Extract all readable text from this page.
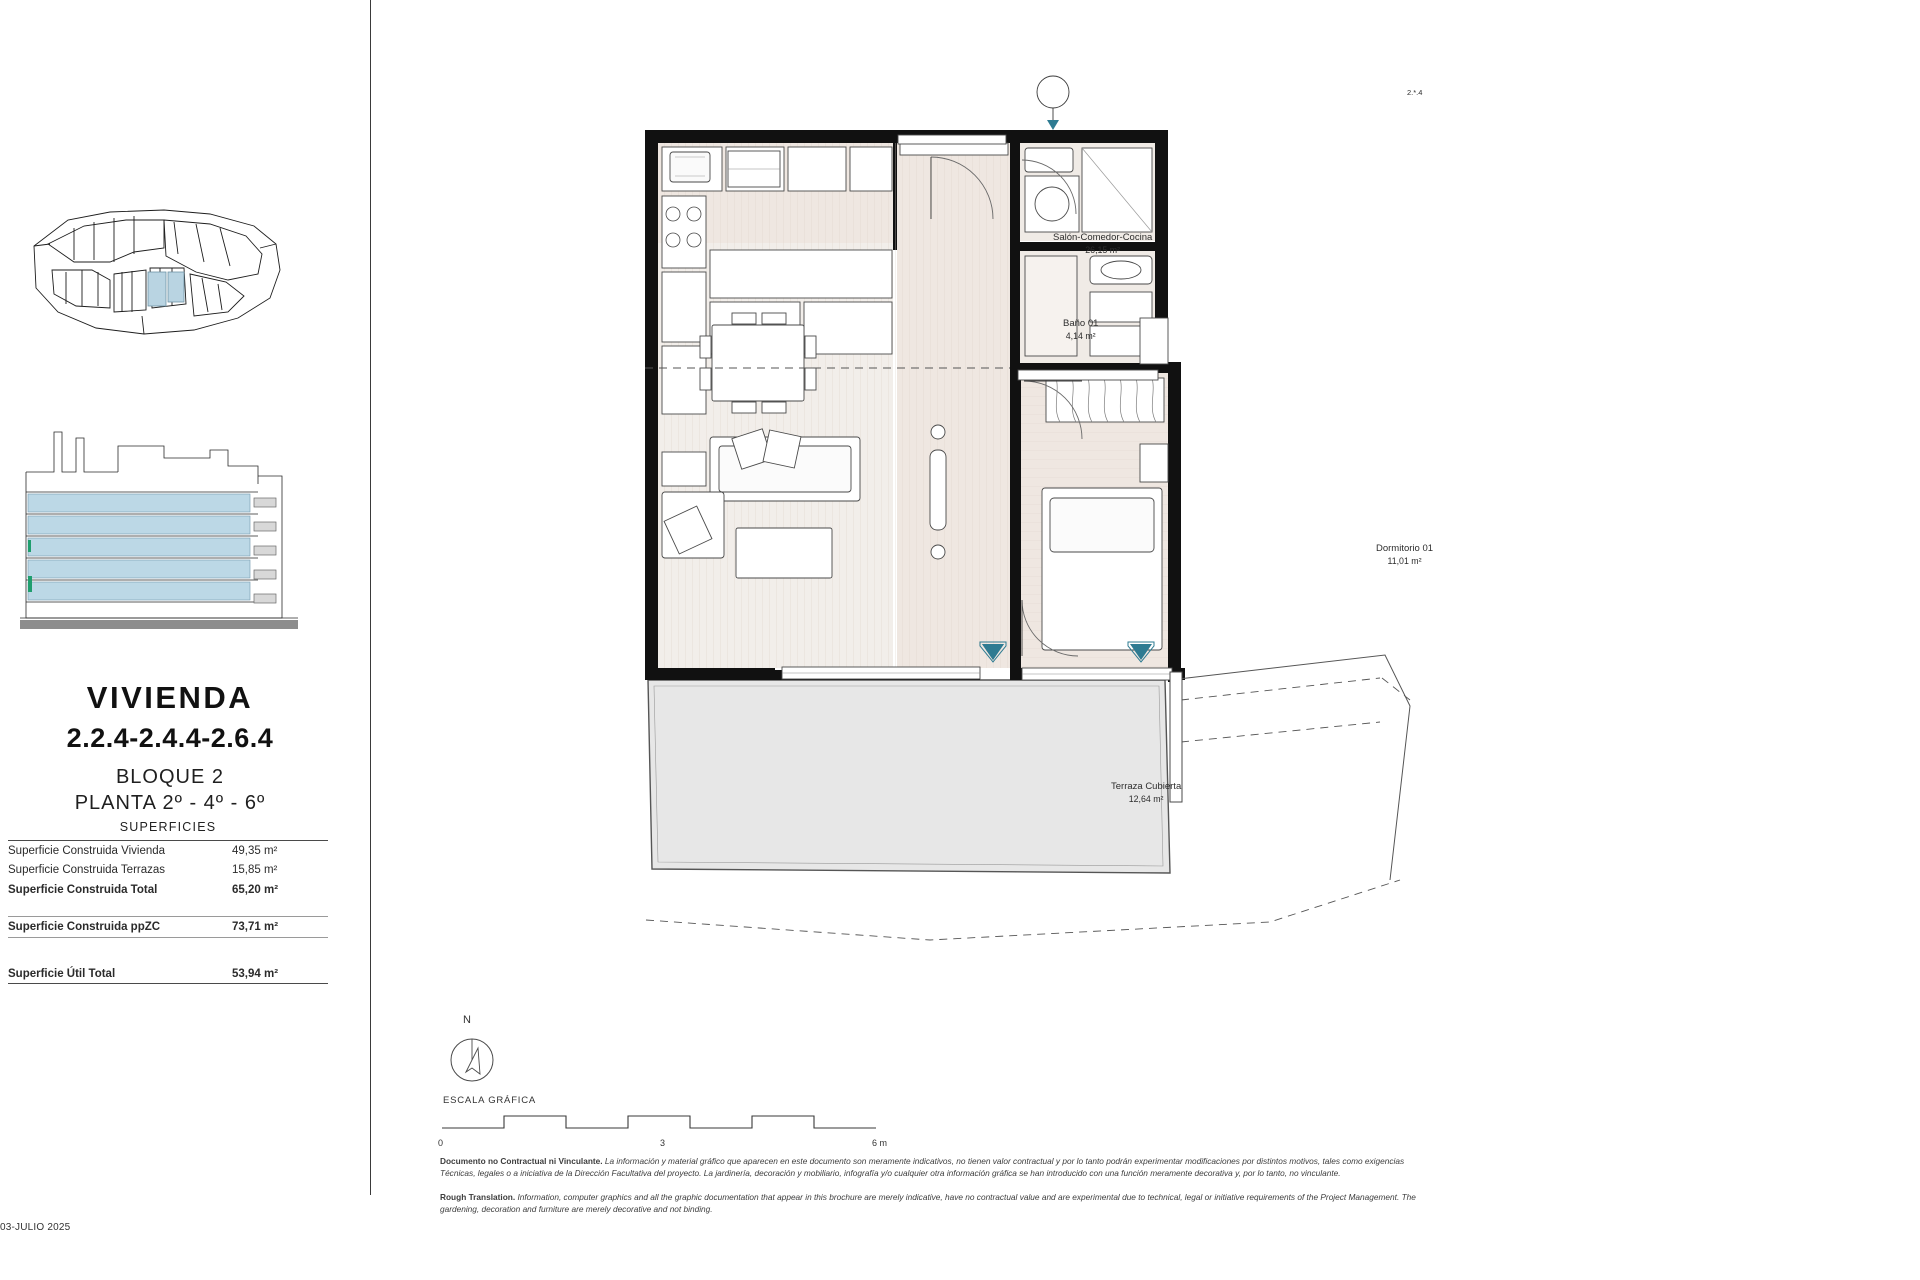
VIVIENDA
2.2.4-2.4.4-2.6.4
BLOQUE 2
PLANTA 2º - 4º - 6º
SUPERFICIES
Superficie Construida Vivienda	49,35 m²
Superficie Construida Terrazas	15,85 m²
Superficie Construida Total	65,20 m²
Superficie Construida ppZC	73,71 m²
Superficie Útil Total	53,94 m²
03-JULIO 2025
Salón-Comedor-Cocina
26,15 m²
Baño 01
4,14 m²
Dormitorio 01
11,01 m²
Terraza Cubierta
12,64 m²
2.*.4
N
ESCALA GRÁFICA
0	3	6 m
Documento no Contractual ni Vinculante. La información y material gráfico que aparecen en este documento son meramente indicativos, no tienen valor contractual y por lo tanto podrán experimentar modificaciones por distintos motivos, tales como exigencias Técnicas, legales o a iniciativa de la Dirección Facultativa del proyecto. La jardinería, decoración y mobiliario, infografía y/o cualquier otra información gráfica se han introducido con una función meramente decorativa y, por lo tanto, no vinculante.
Rough Translation. Information, computer graphics and all the graphic documentation that appear in this brochure are merely indicative, have no contractual value and are experimental due to technical, legal or initiative requirements of the Project Management. The gardening, decoration and furniture are merely decorative and not binding.
